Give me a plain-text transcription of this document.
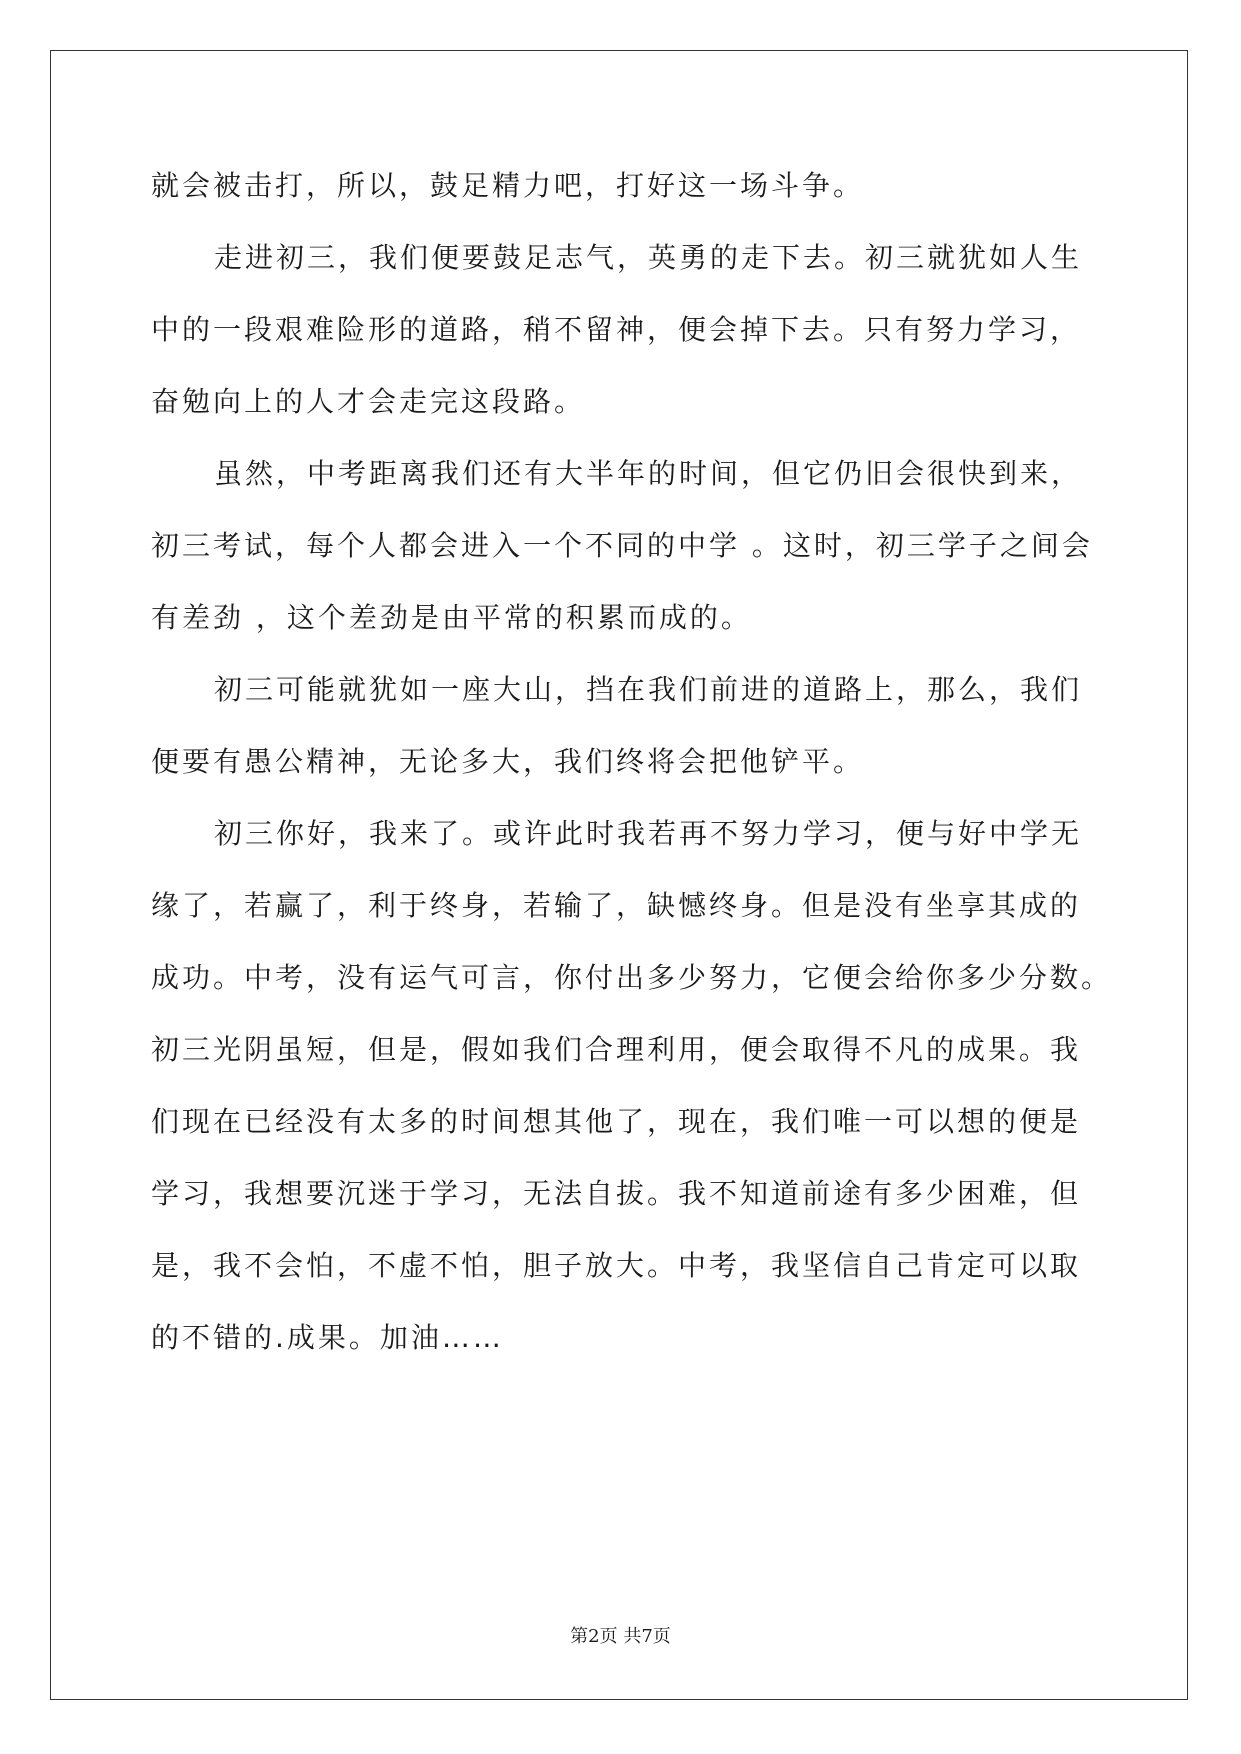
就会被击打，所以，鼓足精力吧，打好这一场斗争。
走进初三，我们便要鼓足志气，英勇的走下去。初三就犹如人生
中的一段艰难险形的道路，稍不留神，便会掉下去。只有努力学习，
奋勉向上的人才会走完这段路。
虽然，中考距离我们还有大半年的时间，但它仍旧会很快到来，
初三考试，每个人都会进入一个不同的中学 。这时，初三学子之间会
有差劲 ，这个差劲是由平常的积累而成的。
初三可能就犹如一座大山，挡在我们前进的道路上，那么，我们
便要有愚公精神，无论多大，我们终将会把他铲平。
初三你好，我来了。或许此时我若再不努力学习，便与好中学无
缘了，若赢了，利于终身，若输了，缺憾终身。但是没有坐享其成的
成功。中考，没有运气可言，你付出多少努力，它便会给你多少分数。
初三光阴虽短，但是，假如我们合理利用，便会取得不凡的成果。我
们现在已经没有太多的时间想其他了，现在，我们唯一可以想的便是
学习，我想要沉迷于学习，无法自拔。我不知道前途有多少困难，但
是，我不会怕，不虚不怕，胆子放大。中考，我坚信自己肯定可以取
的不错的.成果。加油……
第2页 共7页
